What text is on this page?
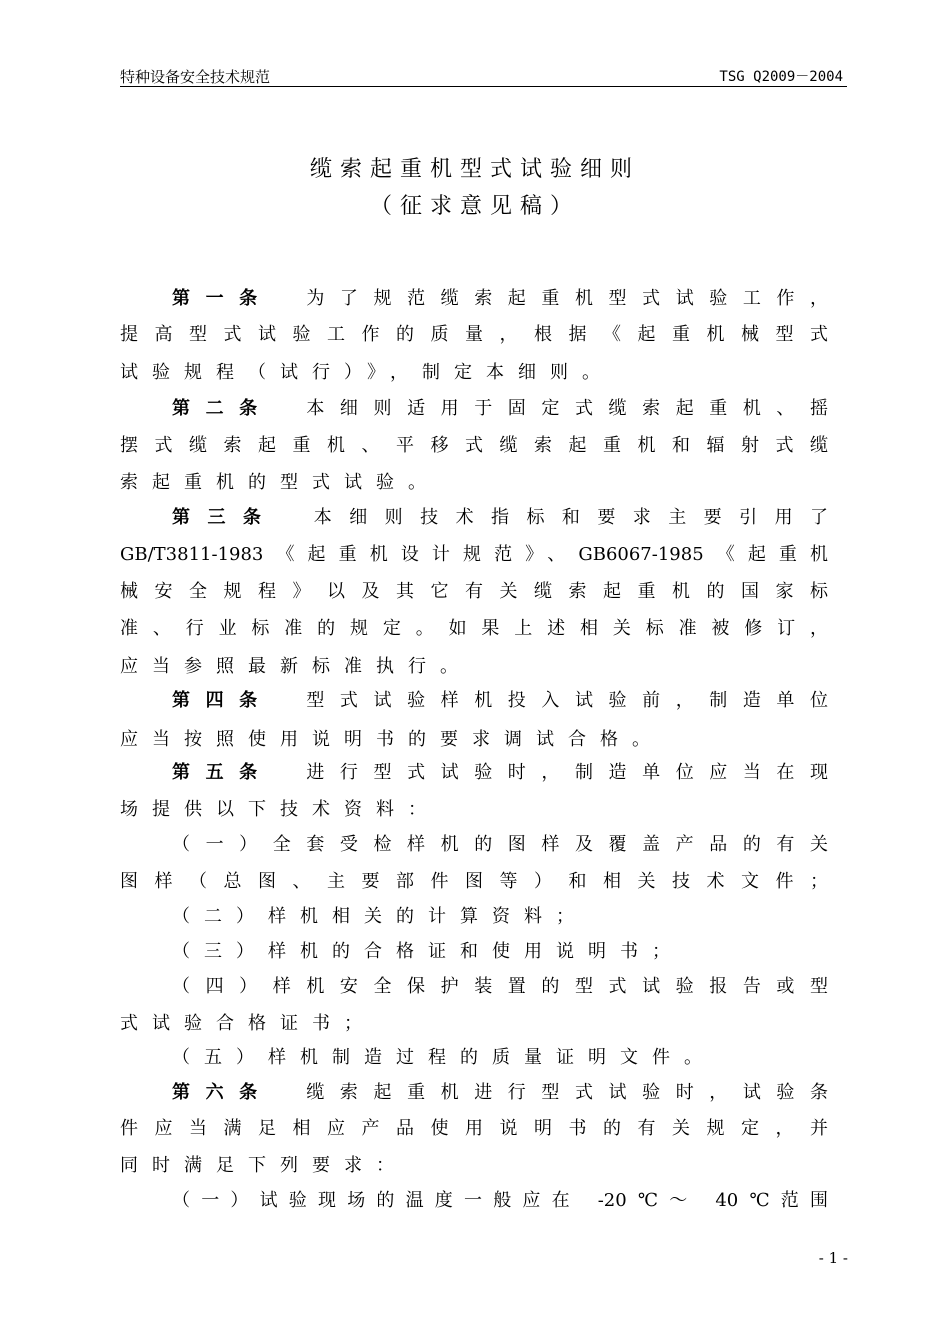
特种设备安全技术规范	TSG Q2009－2004
缆索起重机型式试验细则
（征求意见稿）
第一条　为了规范缆索起重机型式试验工作，
提高型式试验工作的质量，根据《起重机械型式
试验规程（试行）》，制定本细则。
第二条　本细则适用于固定式缆索起重机、摇
摆式缆索起重机、平移式缆索起重机和辐射式缆
索起重机的型式试验。
第三条　本细则技术指标和要求主要引用了
GB/T3811-1983《起重机设计规范》、GB6067-1985《起重机
械安全规程》以及其它有关缆索起重机的国家标
准、行业标准的规定。如果上述相关标准被修订，
应当参照最新标准执行。
第四条　型式试验样机投入试验前，制造单位
应当按照使用说明书的要求调试合格。
第五条　进行型式试验时，制造单位应当在现
场提供以下技术资料：
（一）全套受检样机的图样及覆盖产品的有关
图样（总图、主要部件图等）和相关技术文件；
（二）样机相关的计算资料；
（三）样机的合格证和使用说明书；
（四）样机安全保护装置的型式试验报告或型
式试验合格证书；
（五）样机制造过程的质量证明文件。
第六条　缆索起重机进行型式试验时，试验条
件应当满足相应产品使用说明书的有关规定，并
同时满足下列要求：
（一）试验现场的温度一般应在 -20℃～ 40℃范围
- 1 -
